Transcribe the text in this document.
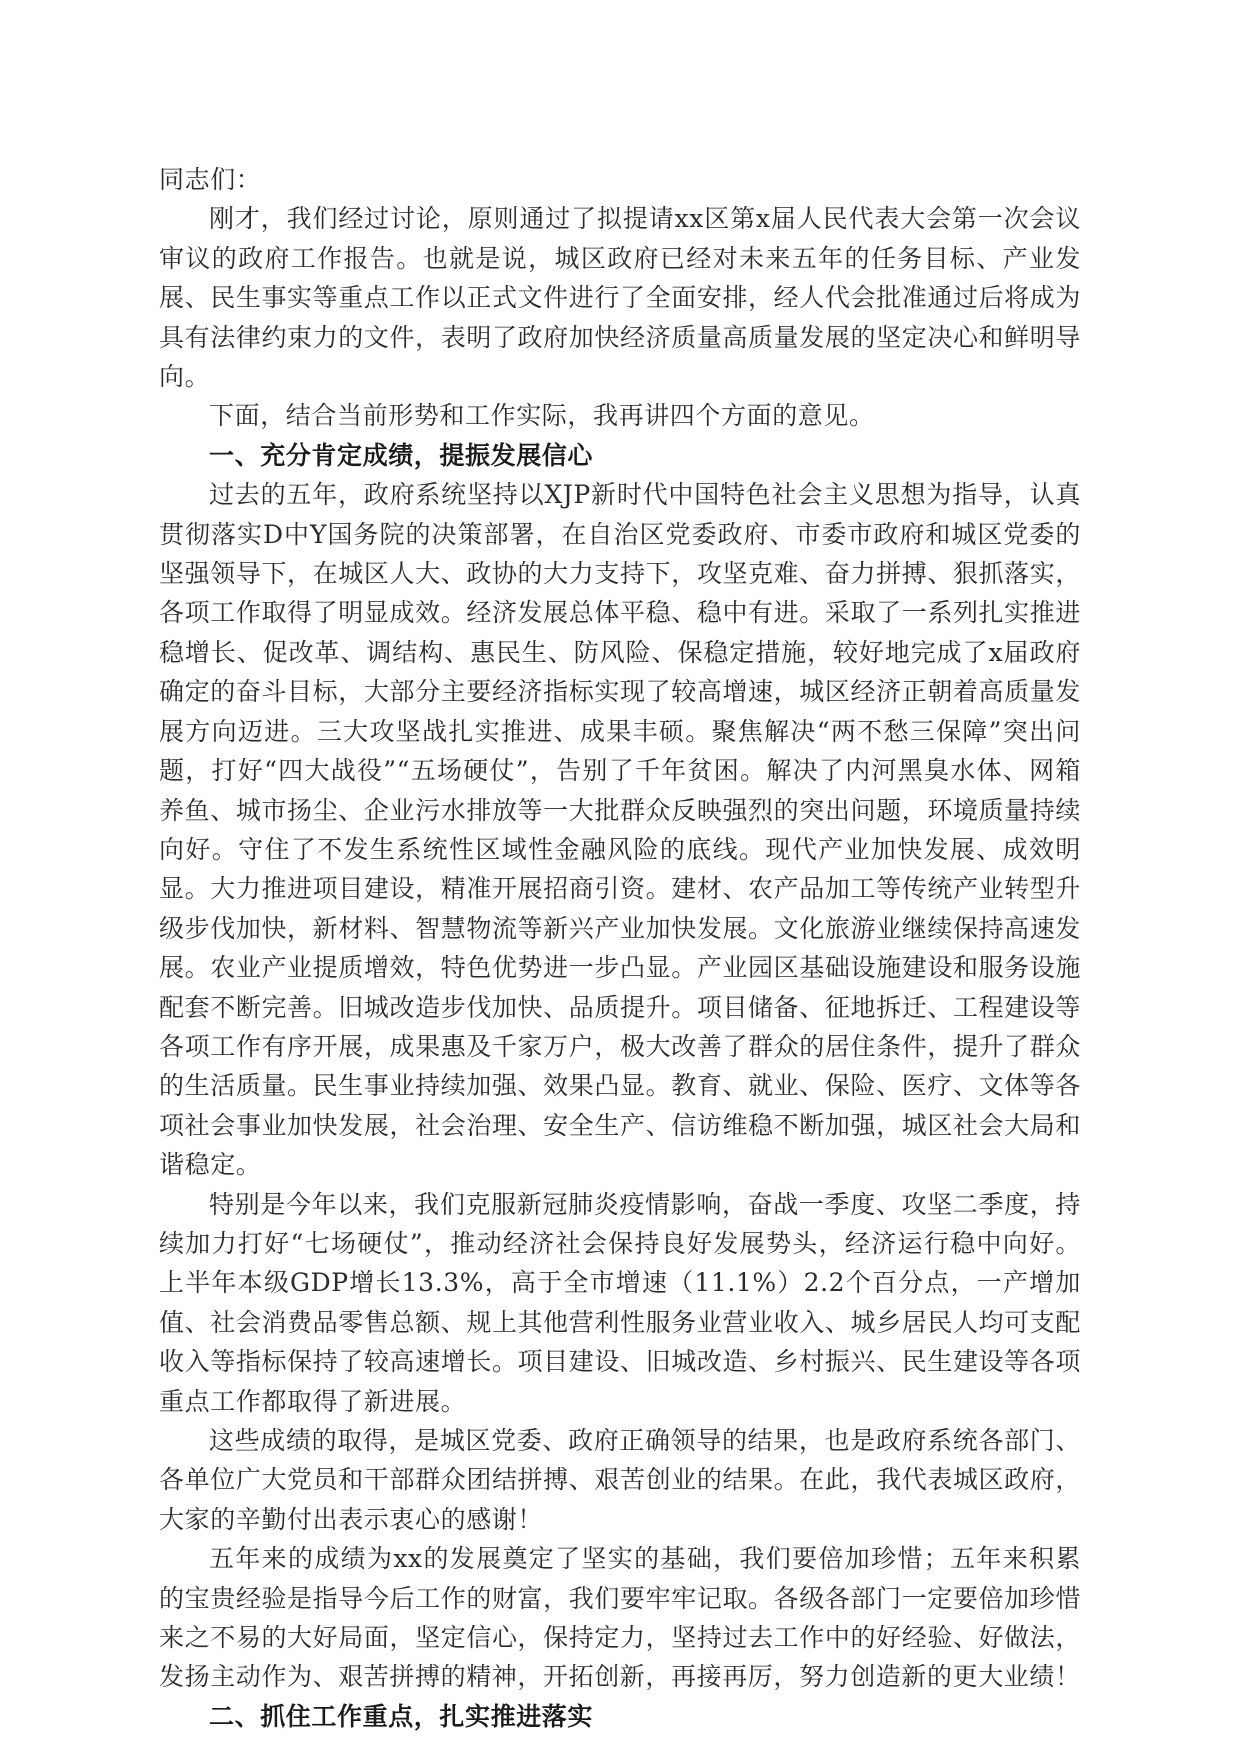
同志们：

刚才，我们经过讨论，原则通过了拟提请xx区第x届人民代表大会第一次会议审议的政府工作报告。也就是说，城区政府已经对未来五年的任务目标、产业发展、民生事实等重点工作以正式文件进行了全面安排，经人代会批准通过后将成为具有法律约束力的文件，表明了政府加快经济质量高质量发展的坚定决心和鲜明导向。

下面，结合当前形势和工作实际，我再讲四个方面的意见。

一、充分肯定成绩，提振发展信心

过去的五年，政府系统坚持以XJP新时代中国特色社会主义思想为指导，认真贯彻落实D中Y国务院的决策部署，在自治区党委政府、市委市政府和城区党委的坚强领导下，在城区人大、政协的大力支持下，攻坚克难、奋力拼搏、狠抓落实，各项工作取得了明显成效。经济发展总体平稳、稳中有进。采取了一系列扎实推进稳增长、促改革、调结构、惠民生、防风险、保稳定措施，较好地完成了x届政府确定的奋斗目标，大部分主要经济指标实现了较高增速，城区经济正朝着高质量发展方向迈进。三大攻坚战扎实推进、成果丰硕。聚焦解决“两不愁三保障”突出问题，打好“四大战役”“五场硬仗”，告别了千年贫困。解决了内河黑臭水体、网箱养鱼、城市扬尘、企业污水排放等一大批群众反映强烈的突出问题，环境质量持续向好。守住了不发生系统性区域性金融风险的底线。现代产业加快发展、成效明显。大力推进项目建设，精准开展招商引资。建材、农产品加工等传统产业转型升级步伐加快，新材料、智慧物流等新兴产业加快发展。文化旅游业继续保持高速发展。农业产业提质增效，特色优势进一步凸显。产业园区基础设施建设和服务设施配套不断完善。旧城改造步伐加快、品质提升。项目储备、征地拆迁、工程建设等各项工作有序开展，成果惠及千家万户，极大改善了群众的居住条件，提升了群众的生活质量。民生事业持续加强、效果凸显。教育、就业、保险、医疗、文体等各项社会事业加快发展，社会治理、安全生产、信访维稳不断加强，城区社会大局和谐稳定。

特别是今年以来，我们克服新冠肺炎疫情影响，奋战一季度、攻坚二季度，持续加力打好“七场硬仗”，推动经济社会保持良好发展势头，经济运行稳中向好。上半年本级GDP增长13.3%，高于全市增速（11.1%）2.2个百分点，一产增加值、社会消费品零售总额、规上其他营利性服务业营业收入、城乡居民人均可支配收入等指标保持了较高速增长。项目建设、旧城改造、乡村振兴、民生建设等各项重点工作都取得了新进展。

这些成绩的取得，是城区党委、政府正确领导的结果，也是政府系统各部门、各单位广大党员和干部群众团结拼搏、艰苦创业的结果。在此，我代表城区政府，大家的辛勤付出表示衷心的感谢！

五年来的成绩为xx的发展奠定了坚实的基础，我们要倍加珍惜；五年来积累的宝贵经验是指导今后工作的财富，我们要牢牢记取。各级各部门一定要倍加珍惜来之不易的大好局面，坚定信心，保持定力，坚持过去工作中的好经验、好做法，发扬主动作为、艰苦拼搏的精神，开拓创新，再接再厉，努力创造新的更大业绩！

二、抓住工作重点，扎实推进落实
